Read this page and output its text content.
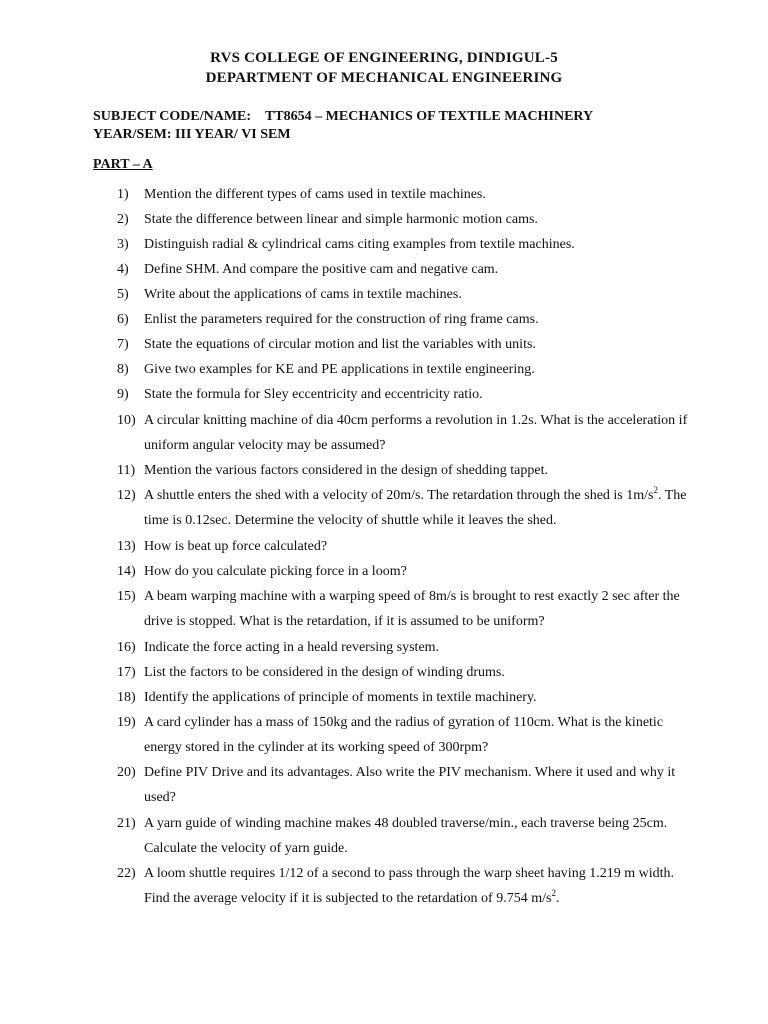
RVS COLLEGE OF ENGINEERING, DINDIGUL-5
DEPARTMENT OF MECHANICAL ENGINEERING
SUBJECT CODE/NAME: TT8654 – MECHANICS OF TEXTILE MACHINERY
YEAR/SEM: III YEAR/ VI SEM
PART – A
1)	Mention the different types of cams used in textile machines.
2)	State the difference between linear and simple harmonic motion cams.
3)	Distinguish radial & cylindrical cams citing examples from textile machines.
4)	Define SHM. And compare the positive cam and negative cam.
5)	Write about the applications of cams in textile machines.
6)	Enlist the parameters required for the construction of ring frame cams.
7)	State the equations of circular motion and list the variables with units.
8)	Give two examples for KE and PE applications in textile engineering.
9)	State the formula for Sley eccentricity and eccentricity ratio.
10) A circular knitting machine of dia 40cm performs a revolution in 1.2s. What is the acceleration if uniform angular velocity may be assumed?
11) Mention the various factors considered in the design of shedding tappet.
12) A shuttle enters the shed with a velocity of 20m/s. The retardation through the shed is $1m/s^2$. The time is 0.12sec. Determine the velocity of shuttle while it leaves the shed.
13) How is beat up force calculated?
14) How do you calculate picking force in a loom?
15) A beam warping machine with a warping speed of 8m/s is brought to rest exactly 2 sec after the drive is stopped. What is the retardation, if it is assumed to be uniform?
16) Indicate the force acting in a heald reversing system.
17) List the factors to be considered in the design of winding drums.
18) Identify the applications of principle of moments in textile machinery.
19) A card cylinder has a mass of 150kg and the radius of gyration of 110cm. What is the kinetic energy stored in the cylinder at its working speed of 300rpm?
20) Define PIV Drive and its advantages. Also write the PIV mechanism. Where it used and why it used?
21) A yarn guide of winding machine makes 48 doubled traverse/min., each traverse being 25cm. Calculate the velocity of yarn guide.
22) A loom shuttle requires 1/12 of a second to pass through the warp sheet having 1.219 m width. Find the average velocity if it is subjected to the retardation of 9.754 $m/s^2$.
